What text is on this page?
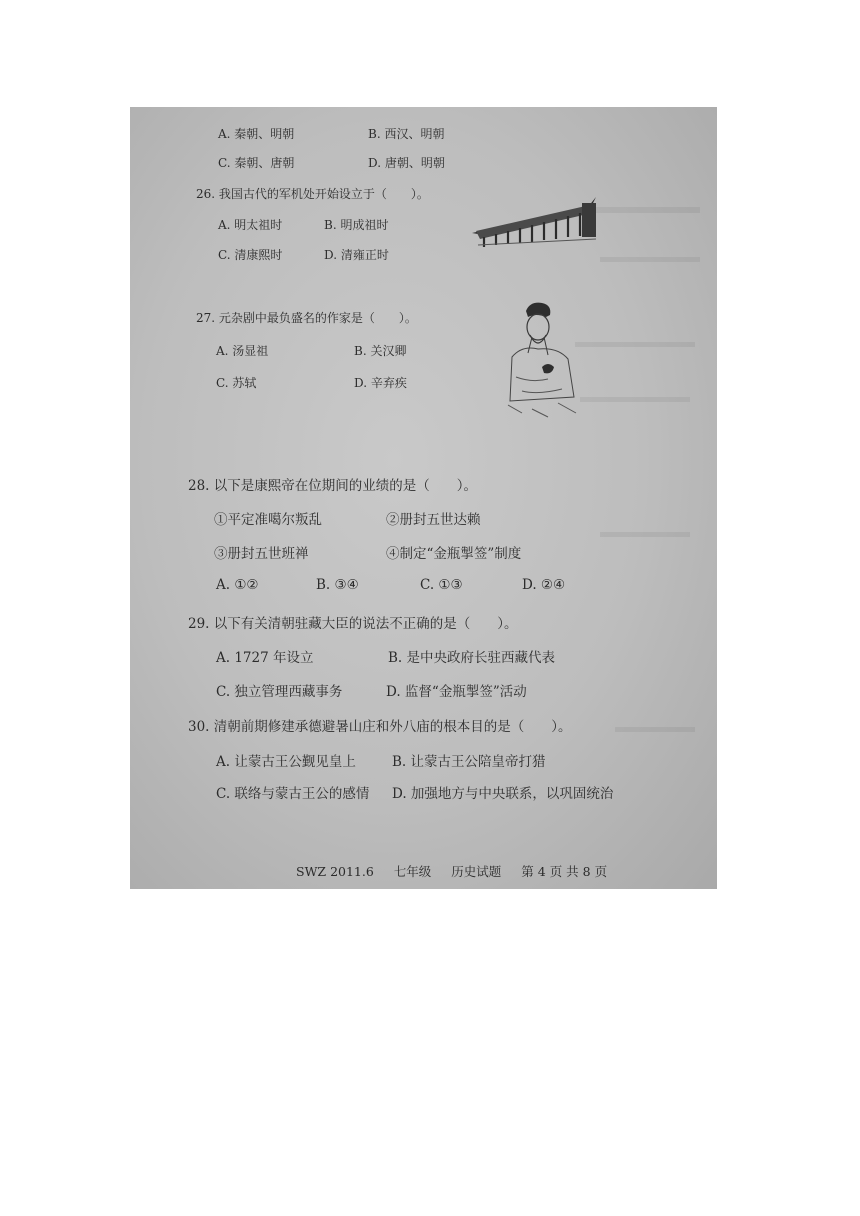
A. 秦朝、明朝	B. 西汉、明朝
C. 秦朝、唐朝	D. 唐朝、明朝
26. 我国古代的军机处开始设立于（　　）。
A. 明太祖时	B. 明成祖时
C. 清康熙时	D. 清雍正时
27. 元杂剧中最负盛名的作家是（　　）。
A. 汤显祖	B. 关汉卿
C. 苏轼	D. 辛弃疾
28. 以下是康熙帝在位期间的业绩的是（　　）。
①平定准噶尔叛乱	②册封五世达赖
③册封五世班禅	④制定“金瓶掣签”制度
A. ①②	B. ③④	C. ①③	D. ②④
29. 以下有关清朝驻藏大臣的说法不正确的是（　　）。
A. 1727 年设立	B. 是中央政府长驻西藏代表
C. 独立管理西藏事务	D. 监督“金瓶掣签”活动
30. 清朝前期修建承德避暑山庄和外八庙的根本目的是（　　）。
A. 让蒙古王公觐见皇上	B. 让蒙古王公陪皇帝打猎
C. 联络与蒙古王公的感情 D. 加强地方与中央联系，以巩固统治
SWZ 2011.6 七年级 历史试题 第 4 页 共 8 页
